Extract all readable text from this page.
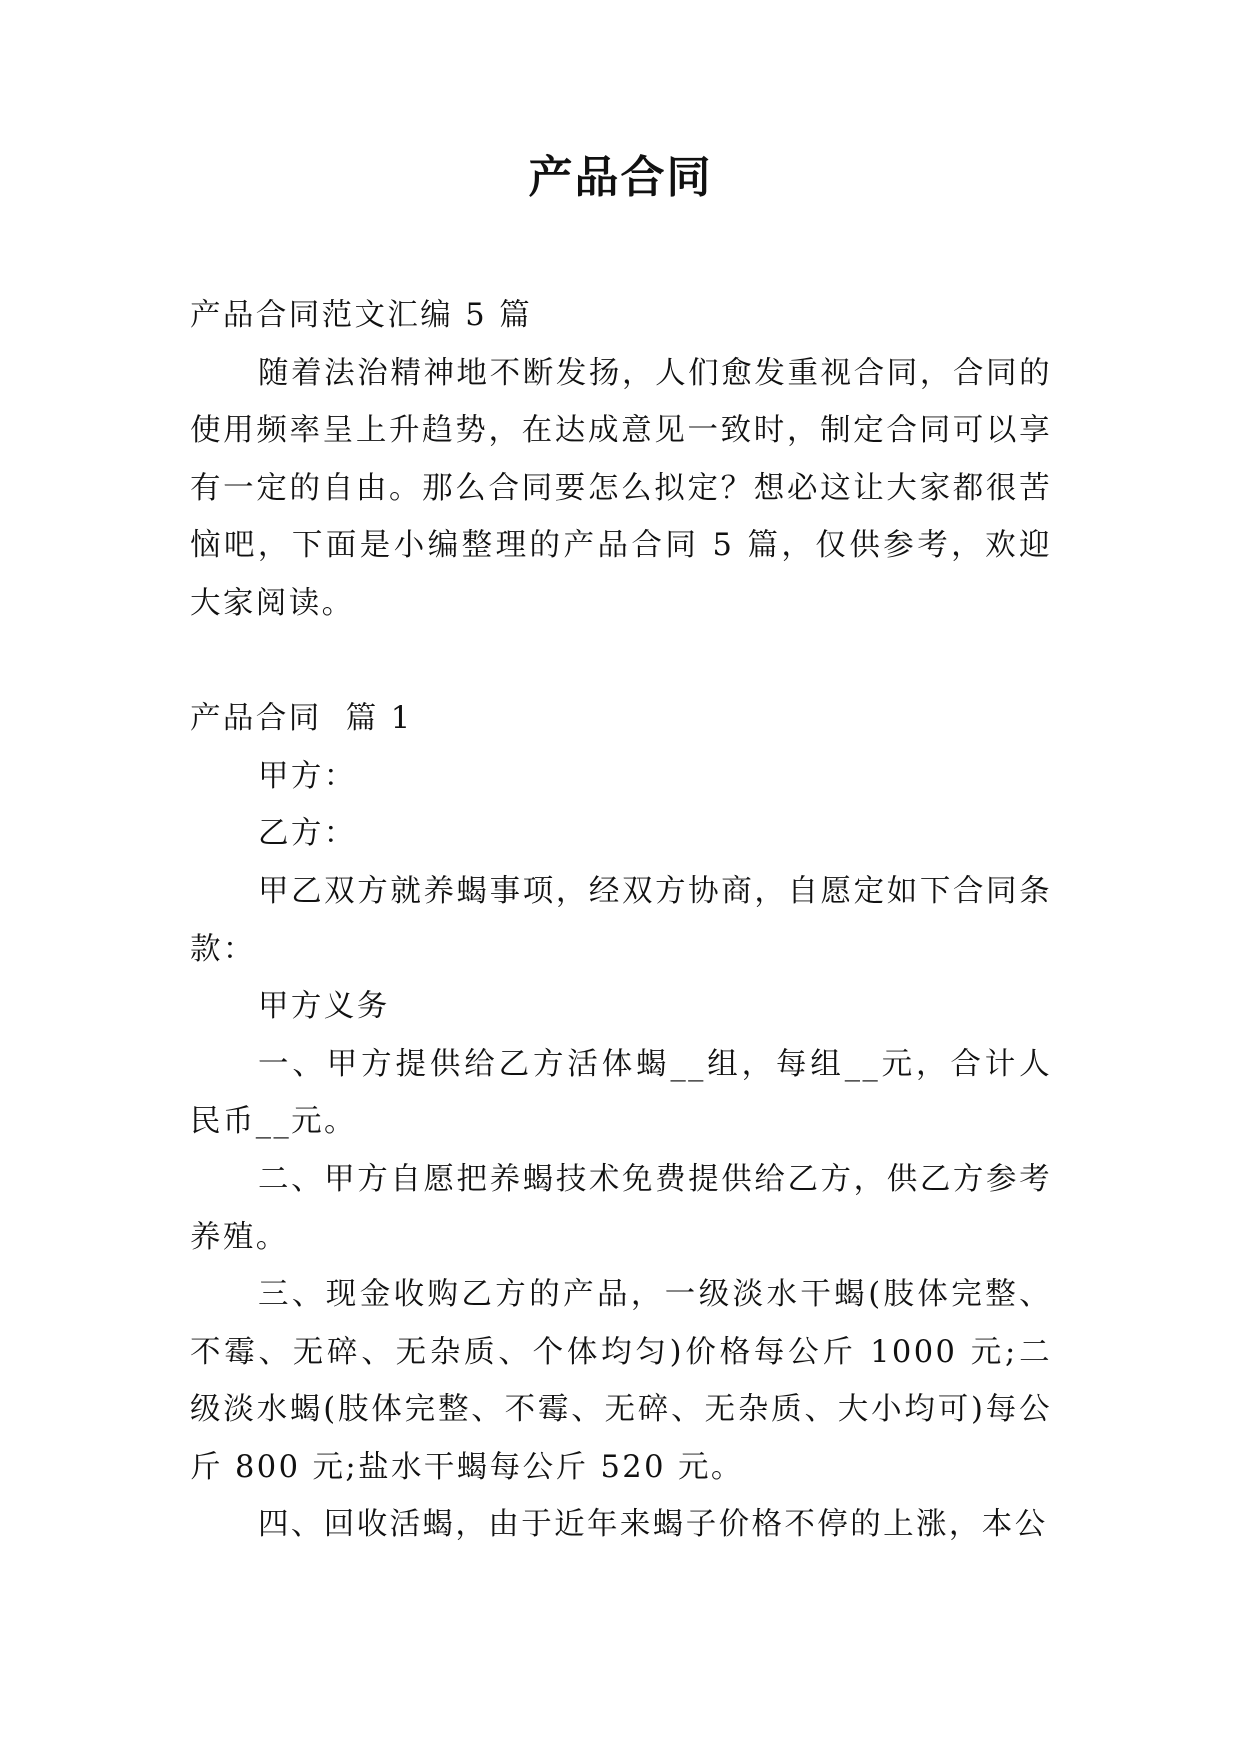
产品合同

产品合同范文汇编 5 篇

随着法治精神地不断发扬，人们愈发重视合同，合同的使用频率呈上升趋势，在达成意见一致时，制定合同可以享有一定的自由。那么合同要怎么拟定？想必这让大家都很苦恼吧，下面是小编整理的产品合同 5 篇，仅供参考，欢迎大家阅读。

产品合同  篇 1

甲方：

乙方：

甲乙双方就养蝎事项，经双方协商，自愿定如下合同条款：

甲方义务

一、甲方提供给乙方活体蝎__组，每组__元，合计人民币__元。

二、甲方自愿把养蝎技术免费提供给乙方，供乙方参考养殖。

三、现金收购乙方的产品，一级淡水干蝎(肢体完整、不霉、无碎、无杂质、个体均匀)价格每公斤 1000 元;二级淡水蝎(肢体完整、不霉、无碎、无杂质、大小均可)每公斤 800 元;盐水干蝎每公斤 520 元。

四、回收活蝎，由于近年来蝎子价格不停的上涨，本公
